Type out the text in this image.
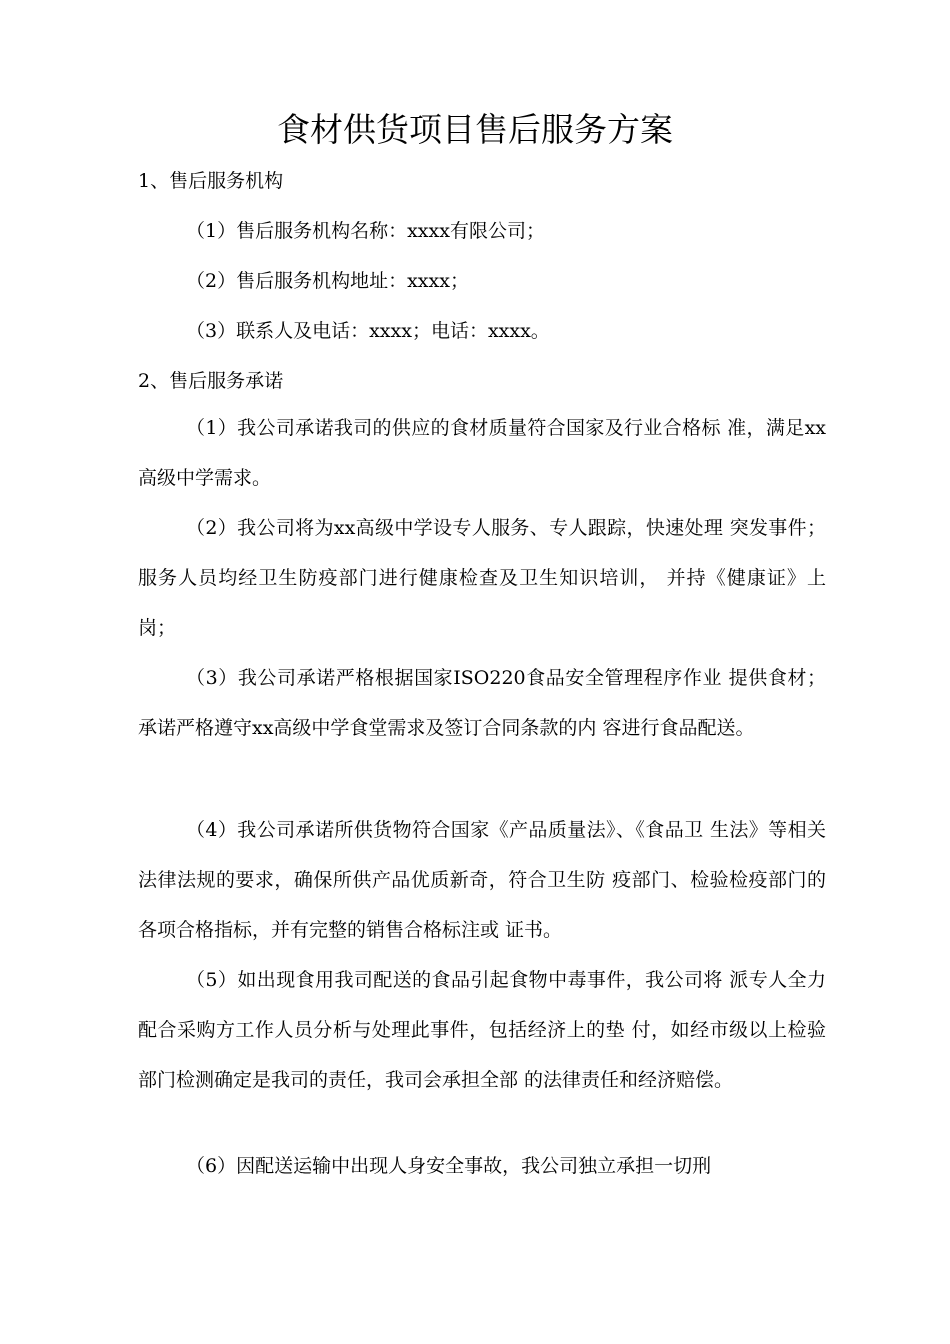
食材供货项目售后服务方案

1、售后服务机构

（1）售后服务机构名称：xxxx有限公司；

（2）售后服务机构地址：xxxx；

（3）联系人及电话：xxxx；电话：xxxx。

2、售后服务承诺

（1）我公司承诺我司的供应的食材质量符合国家及行业合格标 准，满足xx高级中学需求。

（2）我公司将为xx高级中学设专人服务、专人跟踪，快速处理 突发事件；服务人员均经卫生防疫部门进行健康检查及卫生知识培训， 并持《健康证》上岗；

（3）我公司承诺严格根据国家ISO220食品安全管理程序作业 提供食材；承诺严格遵守xx高级中学食堂需求及签订合同条款的内 容进行食品配送。

（4）我公司承诺所供货物符合国家《产品质量法》、《食品卫 生法》等相关法律法规的要求，确保所供产品优质新奇，符合卫生防 疫部门、检验检疫部门的各项合格指标，并有完整的销售合格标注或 证书。

（5）如出现食用我司配送的食品引起食物中毒事件，我公司将 派专人全力配合采购方工作人员分析与处理此事件，包括经济上的垫 付，如经市级以上检验部门检测确定是我司的责任，我司会承担全部 的法律责任和经济赔偿。

（6）因配送运输中出现人身安全事故，我公司独立承担一切刑
